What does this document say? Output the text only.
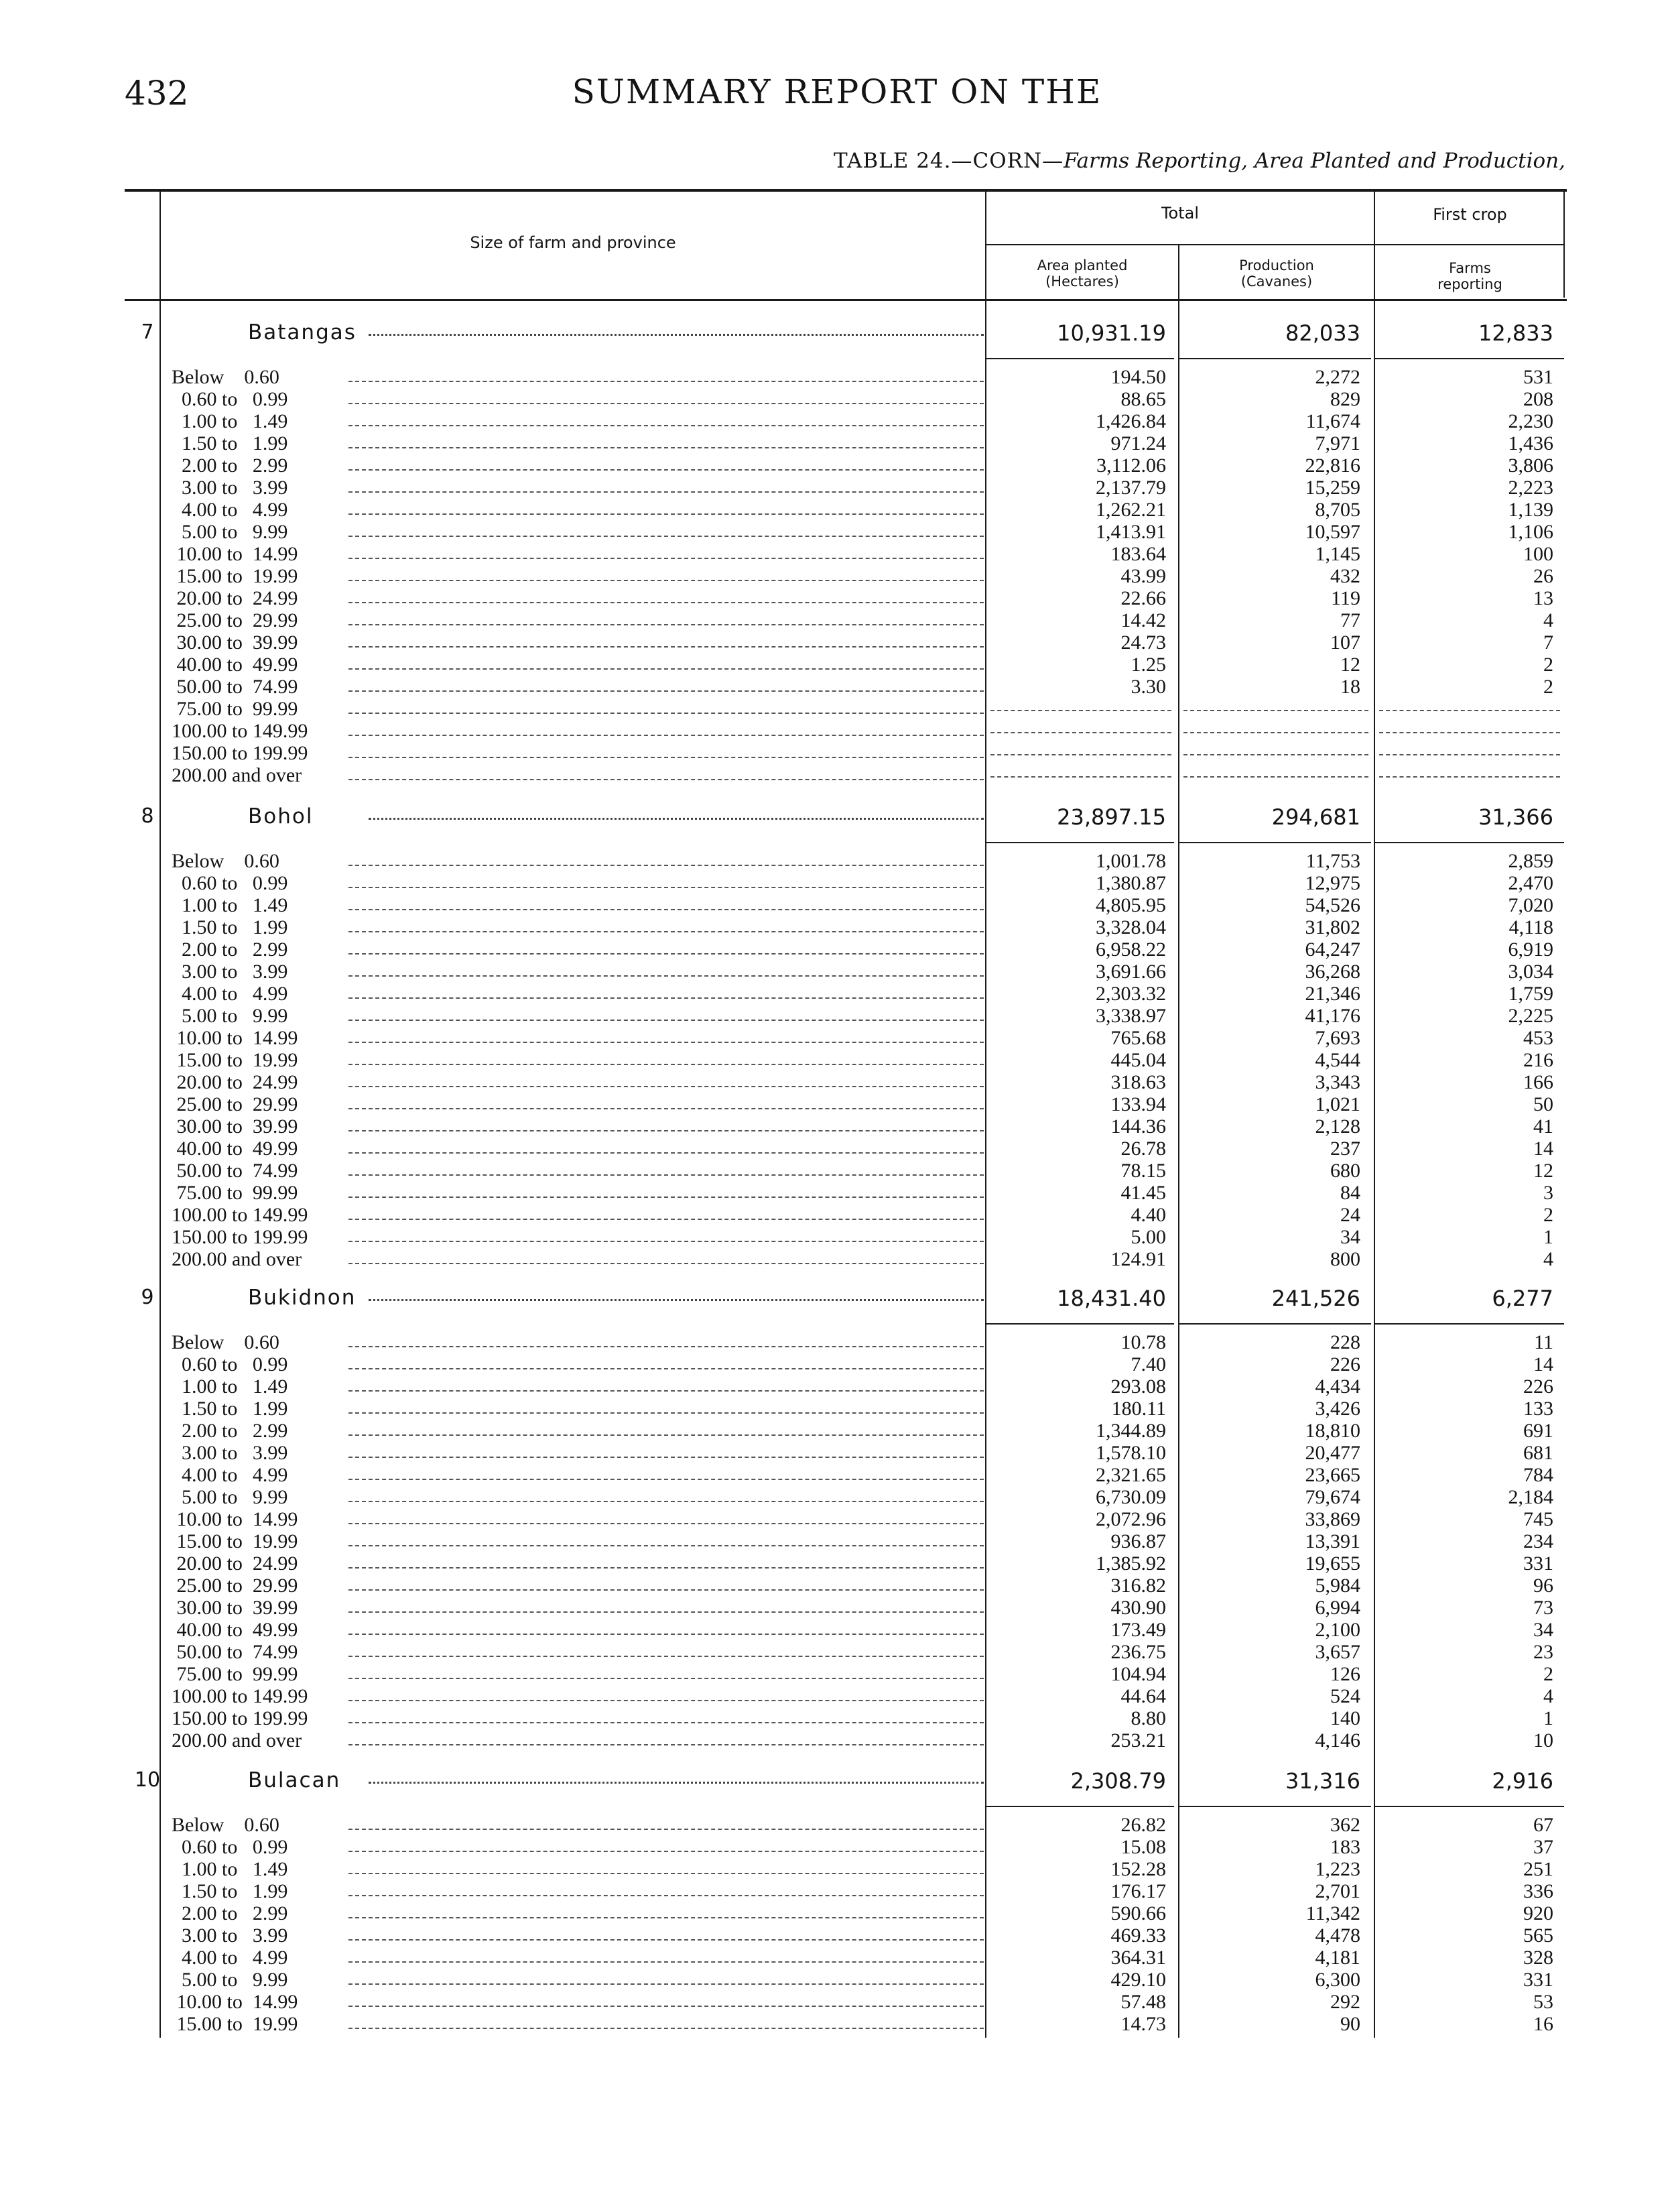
432	SUMMARY REPORT ON THE
TABLE 24.—CORN—Farms Reporting, Area Planted and Production,
Size of farm and province
Total	First crop
Area planted
(Hectares)
Production
(Cavanes)
Farms
reporting
7	Batangas	10,931.19	82,033	12,833
Below    0.60	194.50	2,272	531
0.60 to   0.99	88.65	829	208
1.00 to   1.49	1,426.84	11,674	2,230
1.50 to   1.99	971.24	7,971	1,436
2.00 to   2.99	3,112.06	22,816	3,806
3.00 to   3.99	2,137.79	15,259	2,223
4.00 to   4.99	1,262.21	8,705	1,139
5.00 to   9.99	1,413.91	10,597	1,106
10.00 to  14.99	183.64	1,145	100
15.00 to  19.99	43.99	432	26
20.00 to  24.99	22.66	119	13
25.00 to  29.99	14.42	77	4
30.00 to  39.99	24.73	107	7
40.00 to  49.99	1.25	12	2
50.00 to  74.99	3.30	18	2
75.00 to  99.99
100.00 to 149.99
150.00 to 199.99
200.00 and over
8	Bohol	23,897.15	294,681	31,366
Below    0.60	1,001.78	11,753	2,859
0.60 to   0.99	1,380.87	12,975	2,470
1.00 to   1.49	4,805.95	54,526	7,020
1.50 to   1.99	3,328.04	31,802	4,118
2.00 to   2.99	6,958.22	64,247	6,919
3.00 to   3.99	3,691.66	36,268	3,034
4.00 to   4.99	2,303.32	21,346	1,759
5.00 to   9.99	3,338.97	41,176	2,225
10.00 to  14.99	765.68	7,693	453
15.00 to  19.99	445.04	4,544	216
20.00 to  24.99	318.63	3,343	166
25.00 to  29.99	133.94	1,021	50
30.00 to  39.99	144.36	2,128	41
40.00 to  49.99	26.78	237	14
50.00 to  74.99	78.15	680	12
75.00 to  99.99	41.45	84	3
100.00 to 149.99	4.40	24	2
150.00 to 199.99	5.00	34	1
200.00 and over	124.91	800	4
9	Bukidnon	18,431.40	241,526	6,277
Below    0.60	10.78	228	11
0.60 to   0.99	7.40	226	14
1.00 to   1.49	293.08	4,434	226
1.50 to   1.99	180.11	3,426	133
2.00 to   2.99	1,344.89	18,810	691
3.00 to   3.99	1,578.10	20,477	681
4.00 to   4.99	2,321.65	23,665	784
5.00 to   9.99	6,730.09	79,674	2,184
10.00 to  14.99	2,072.96	33,869	745
15.00 to  19.99	936.87	13,391	234
20.00 to  24.99	1,385.92	19,655	331
25.00 to  29.99	316.82	5,984	96
30.00 to  39.99	430.90	6,994	73
40.00 to  49.99	173.49	2,100	34
50.00 to  74.99	236.75	3,657	23
75.00 to  99.99	104.94	126	2
100.00 to 149.99	44.64	524	4
150.00 to 199.99	8.80	140	1
200.00 and over	253.21	4,146	10
10	Bulacan	2,308.79	31,316	2,916
Below    0.60	26.82	362	67
0.60 to   0.99	15.08	183	37
1.00 to   1.49	152.28	1,223	251
1.50 to   1.99	176.17	2,701	336
2.00 to   2.99	590.66	11,342	920
3.00 to   3.99	469.33	4,478	565
4.00 to   4.99	364.31	4,181	328
5.00 to   9.99	429.10	6,300	331
10.00 to  14.99	57.48	292	53
15.00 to  19.99	14.73	90	16
